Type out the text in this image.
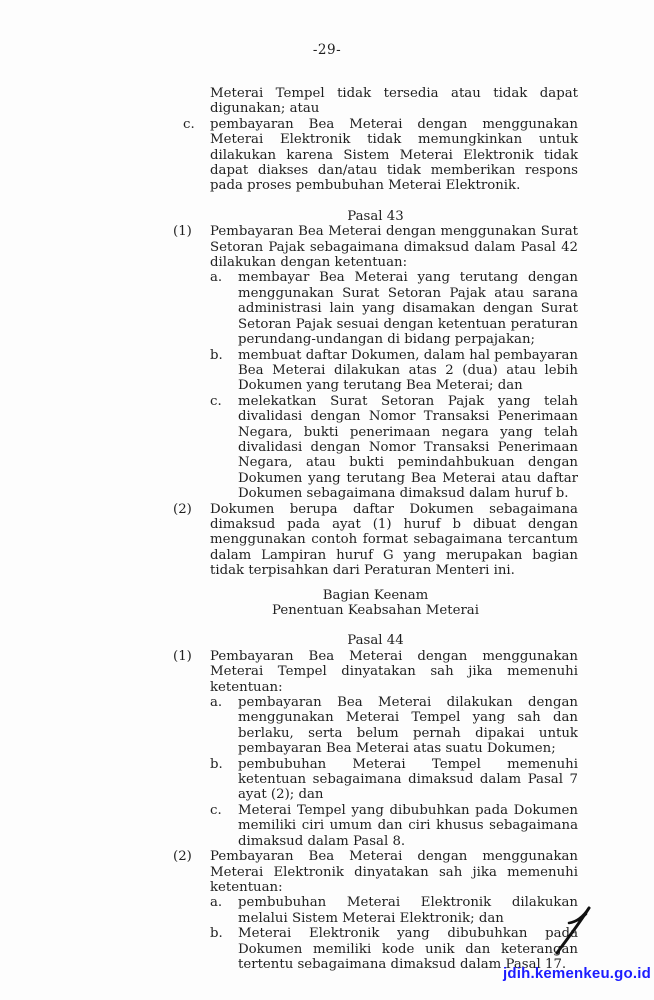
-29-
Meterai Tempel tidak tersedia atau tidak dapat digunakan; atau
c.	pembayaran Bea Meterai dengan menggunakan Meterai Elektronik tidak memungkinkan untuk dilakukan karena Sistem Meterai Elektronik tidak dapat diakses dan/atau tidak memberikan respons pada proses pembubuhan Meterai Elektronik.
Pasal 43
(1)	Pembayaran Bea Meterai dengan menggunakan Surat Setoran Pajak sebagaimana dimaksud dalam Pasal 42 dilakukan dengan ketentuan:
a.	membayar Bea Meterai yang terutang dengan menggunakan Surat Setoran Pajak atau sarana administrasi lain yang disamakan dengan Surat Setoran Pajak sesuai dengan ketentuan peraturan perundang-undangan di bidang perpajakan;
b.	membuat daftar Dokumen, dalam hal pembayaran Bea Meterai dilakukan atas 2 (dua) atau lebih Dokumen yang terutang Bea Meterai; dan
c.	melekatkan Surat Setoran Pajak yang telah divalidasi dengan Nomor Transaksi Penerimaan Negara, bukti penerimaan negara yang telah divalidasi dengan Nomor Transaksi Penerimaan Negara, atau bukti pemindahbukuan dengan Dokumen yang terutang Bea Meterai atau daftar Dokumen sebagaimana dimaksud dalam huruf b.
(2)	Dokumen berupa daftar Dokumen sebagaimana dimaksud pada ayat (1) huruf b dibuat dengan menggunakan contoh format sebagaimana tercantum dalam Lampiran huruf G yang merupakan bagian tidak terpisahkan dari Peraturan Menteri ini.
Bagian Keenam
Penentuan Keabsahan Meterai
Pasal 44
(1)	Pembayaran Bea Meterai dengan menggunakan Meterai Tempel dinyatakan sah jika memenuhi ketentuan:
a.	pembayaran Bea Meterai dilakukan dengan menggunakan Meterai Tempel yang sah dan berlaku, serta belum pernah dipakai untuk pembayaran Bea Meterai atas suatu Dokumen;
b.	pembubuhan Meterai Tempel memenuhi ketentuan sebagaimana dimaksud dalam Pasal 7 ayat (2); dan
c.	Meterai Tempel yang dibubuhkan pada Dokumen memiliki ciri umum dan ciri khusus sebagaimana dimaksud dalam Pasal 8.
(2)	Pembayaran Bea Meterai dengan menggunakan Meterai Elektronik dinyatakan sah jika memenuhi ketentuan:
a.	pembubuhan Meterai Elektronik dilakukan melalui Sistem Meterai Elektronik; dan
b.	Meterai Elektronik yang dibubuhkan pada Dokumen memiliki kode unik dan keterangan tertentu sebagaimana dimaksud dalam Pasal 17.
jdih.kemenkeu.go.id
